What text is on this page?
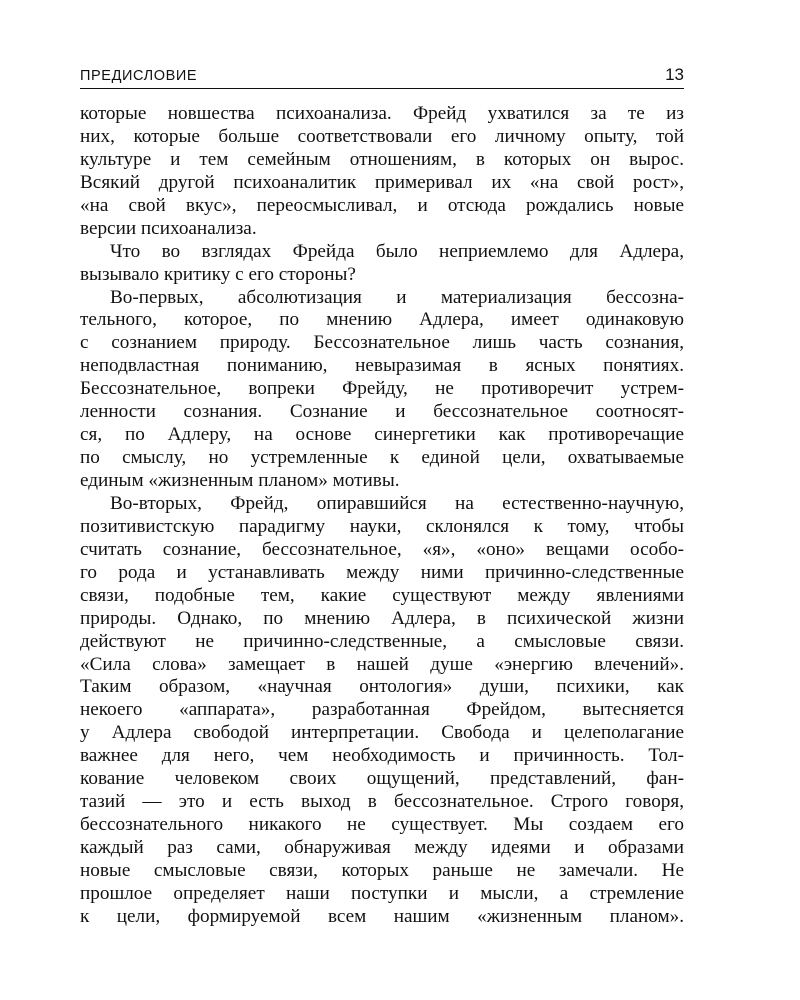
ПРЕДИСЛОВИЕ	13
которые новшества психоанализа. Фрейд ухватился за те из
них, которые больше соответствовали его личному опыту, той
культуре и тем семейным отношениям, в которых он вырос.
Всякий другой психоаналитик примеривал их «на свой рост»,
«на свой вкус», переосмысливал, и отсюда рождались новые
версии психоанализа.
Что во взглядах Фрейда было неприемлемо для Адлера,
вызывало критику с его стороны?
Во-первых, абсолютизация и материализация бессозна-
тельного, которое, по мнению Адлера, имеет одинаковую
с сознанием природу. Бессознательное лишь часть сознания,
неподвластная пониманию, невыразимая в ясных понятиях.
Бессознательное, вопреки Фрейду, не противоречит устрем-
ленности сознания. Сознание и бессознательное соотносят-
ся, по Адлеру, на основе синергетики как противоречащие
по смыслу, но устремленные к единой цели, охватываемые
единым «жизненным планом» мотивы.
Во-вторых, Фрейд, опиравшийся на естественно-научную,
позитивистскую парадигму науки, склонялся к тому, чтобы
считать сознание, бессознательное, «я», «оно» вещами особо-
го рода и устанавливать между ними причинно-следственные
связи, подобные тем, какие существуют между явлениями
природы. Однако, по мнению Адлера, в психической жизни
действуют не причинно-следственные, а смысловые связи.
«Сила слова» замещает в нашей душе «энергию влечений».
Таким образом, «научная онтология» души, психики, как
некоего «аппарата», разработанная Фрейдом, вытесняется
у Адлера свободой интерпретации. Свобода и целеполагание
важнее для него, чем необходимость и причинность. Тол-
кование человеком своих ощущений, представлений, фан-
тазий — это и есть выход в бессознательное. Строго говоря,
бессознательного никакого не существует. Мы создаем его
каждый раз сами, обнаруживая между идеями и образами
новые смысловые связи, которых раньше не замечали. Не
прошлое определяет наши поступки и мысли, а стремление
к цели, формируемой всем нашим «жизненным планом».
